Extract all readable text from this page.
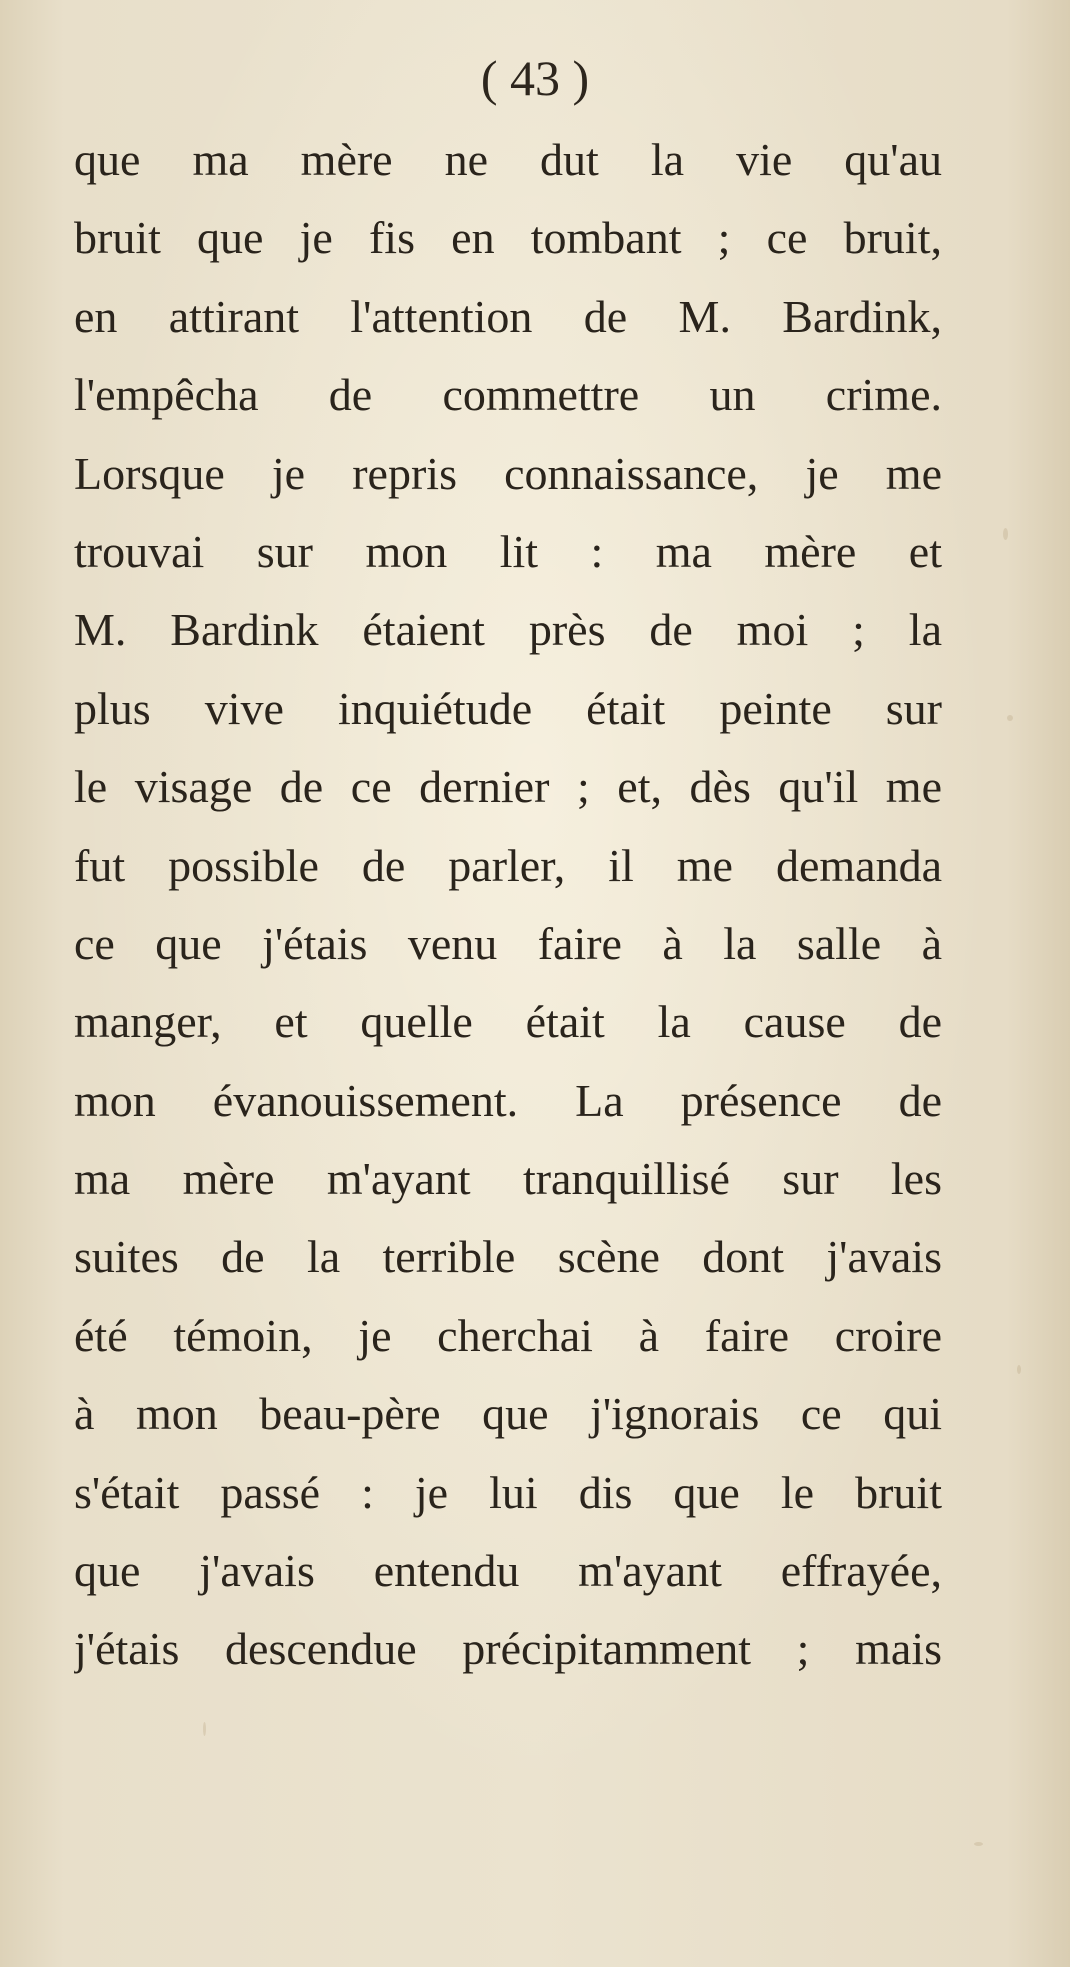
( 43 )

que ma mère ne dut la vie qu'au
bruit que je fis en tombant ; ce bruit,
en attirant l'attention de M. Bardink,
l'empêcha de commettre un crime.
Lorsque je repris connaissance, je me
trouvai sur mon lit : ma mère et
M. Bardink étaient près de moi ; la
plus vive inquiétude était peinte sur
le visage de ce dernier ; et, dès qu'il me
fut possible de parler, il me demanda
ce que j'étais venu faire à la salle à
manger, et quelle était la cause de
mon évanouissement. La présence de
ma mère m'ayant tranquillisé sur les
suites de la terrible scène dont j'avais
été témoin, je cherchai à faire croire
à mon beau-père que j'ignorais ce qui
s'était passé : je lui dis que le bruit
que j'avais entendu m'ayant effrayée,
j'étais descendue précipitamment ; mais
